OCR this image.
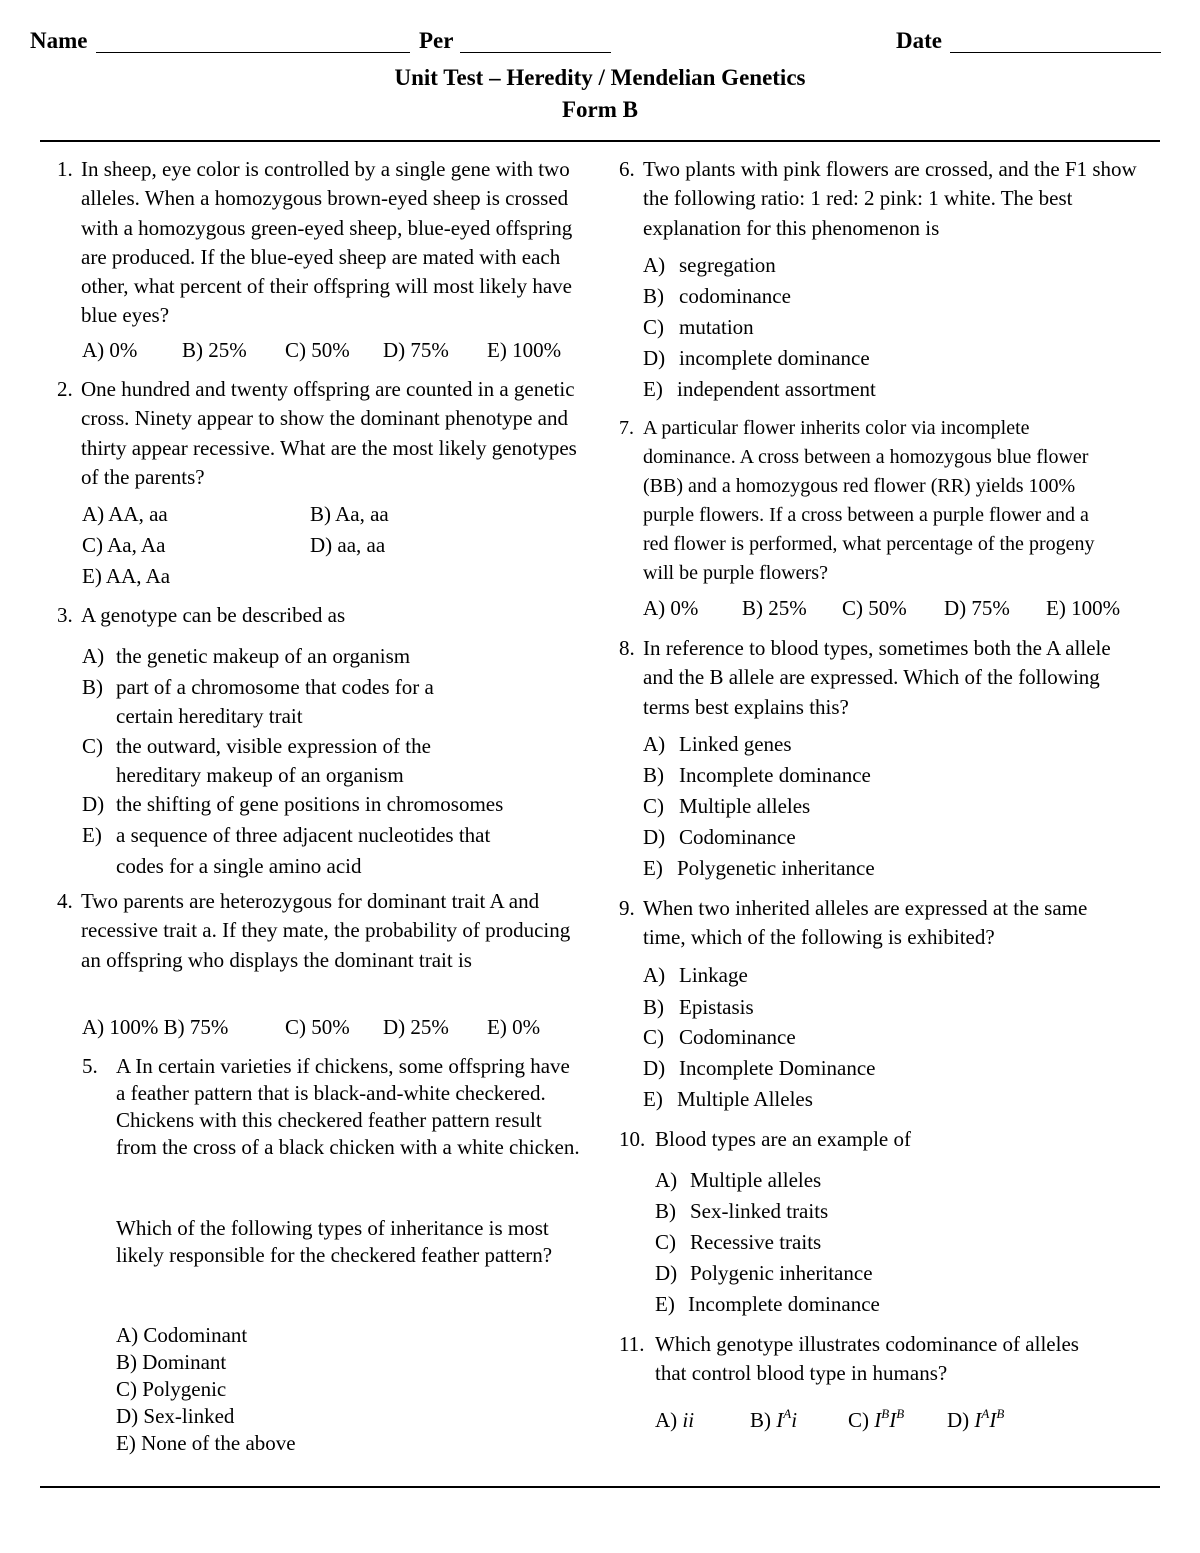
Name	Per	Date
Unit Test – Heredity / Mendelian Genetics
Form B
1. In sheep, eye color is controlled by a single gene with two alleles. When a homozygous brown-eyed sheep is crossed with a homozygous green-eyed sheep, blue-eyed offspring are produced. If the blue-eyed sheep are mated with each other, what percent of their offspring will most likely have blue eyes?
A) 0% B) 25% C) 50% D) 75% E) 100%
2. One hundred and twenty offspring are counted in a genetic cross. Ninety appear to show the dominant phenotype and thirty appear recessive. What are the most likely genotypes of the parents?
A) AA, aa	B) Aa, aa
C) Aa, Aa	D) aa, aa
E) AA, Aa
3. A genotype can be described as
A) the genetic makeup of an organism
B) part of a chromosome that codes for a
certain hereditary trait
C) the outward, visible expression of the
hereditary makeup of an organism
D) the shifting of gene positions in chromosomes
E) a sequence of three adjacent nucleotides that
codes for a single amino acid
4. Two parents are heterozygous for dominant trait A and recessive trait a. If they mate, the probability of producing an offspring who displays the dominant trait is
A) 100% B) 75%	C) 50% D) 25% E) 0%
5. A In certain varieties if chickens, some offspring have a feather pattern that is black-and-white checkered. Chickens with this checkered feather pattern result from the cross of a black chicken with a white chicken.
Which of the following types of inheritance is most likely responsible for the checkered feather pattern?
A) Codominant
B) Dominant
C) Polygenic
D) Sex-linked
E) None of the above
6. Two plants with pink flowers are crossed, and the F1 show the following ratio: 1 red: 2 pink: 1 white. The best explanation for this phenomenon is
A) segregation
B) codominance
C) mutation
D) incomplete dominance
E) independent assortment
7. A particular flower inherits color via incomplete dominance. A cross between a homozygous blue flower (BB) and a homozygous red flower (RR) yields 100% purple flowers. If a cross between a purple flower and a red flower is performed, what percentage of the progeny will be purple flowers?
A) 0% B) 25% C) 50% D) 75% E) 100%
8. In reference to blood types, sometimes both the A allele and the B allele are expressed. Which of the following terms best explains this?
A) Linked genes
B) Incomplete dominance
C) Multiple alleles
D) Codominance
E) Polygenetic inheritance
9. When two inherited alleles are expressed at the same time, which of the following is exhibited?
A) Linkage
B) Epistasis
C) Codominance
D) Incomplete Dominance
E) Multiple Alleles
10. Blood types are an example of
A) Multiple alleles
B) Sex-linked traits
C) Recessive traits
D) Polygenic inheritance
E) Incomplete dominance
11. Which genotype illustrates codominance of alleles that control blood type in humans?
A) ii	B) $I^Ai$ C) $I^BI^B$ D) $I^AI^B$
